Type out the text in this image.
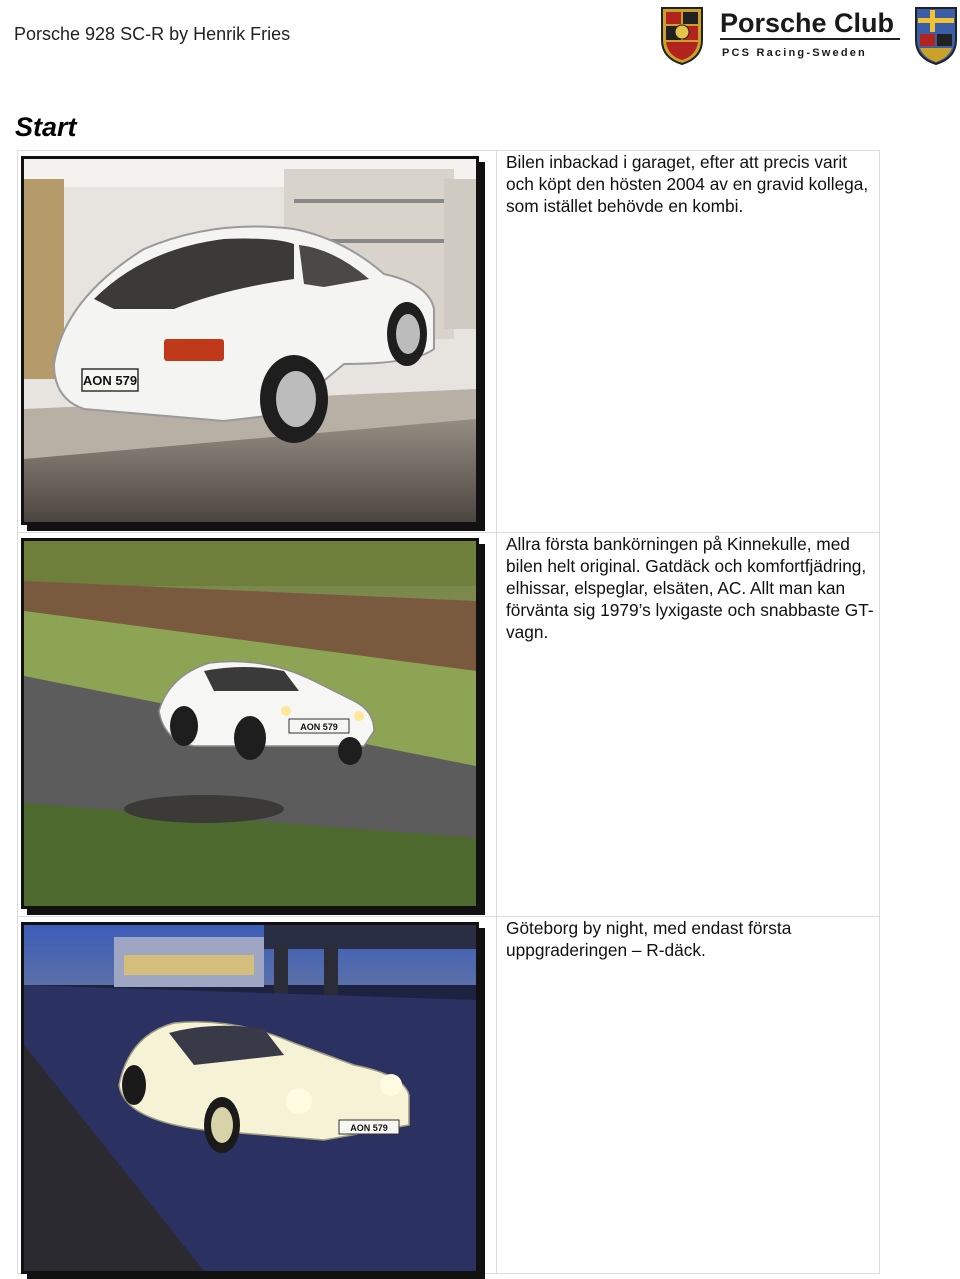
Porsche 928 SC-R by Henrik Fries	Porsche Club
PCS Racing-Sweden
Start
AON 579
Bilen inbackad i garaget, efter att precis varit och köpt den hösten 2004 av en gravid kollega, som istället behövde en kombi.
AON 579
Allra första bankörningen på Kinnekulle, med bilen helt original. Gatdäck och komfortfjädring, elhissar, elspeglar, elsäten, AC. Allt man kan förvänta sig 1979’s lyxigaste och snabbaste GT-vagn.
AON 579
Göteborg by night, med endast första uppgraderingen – R-däck.
